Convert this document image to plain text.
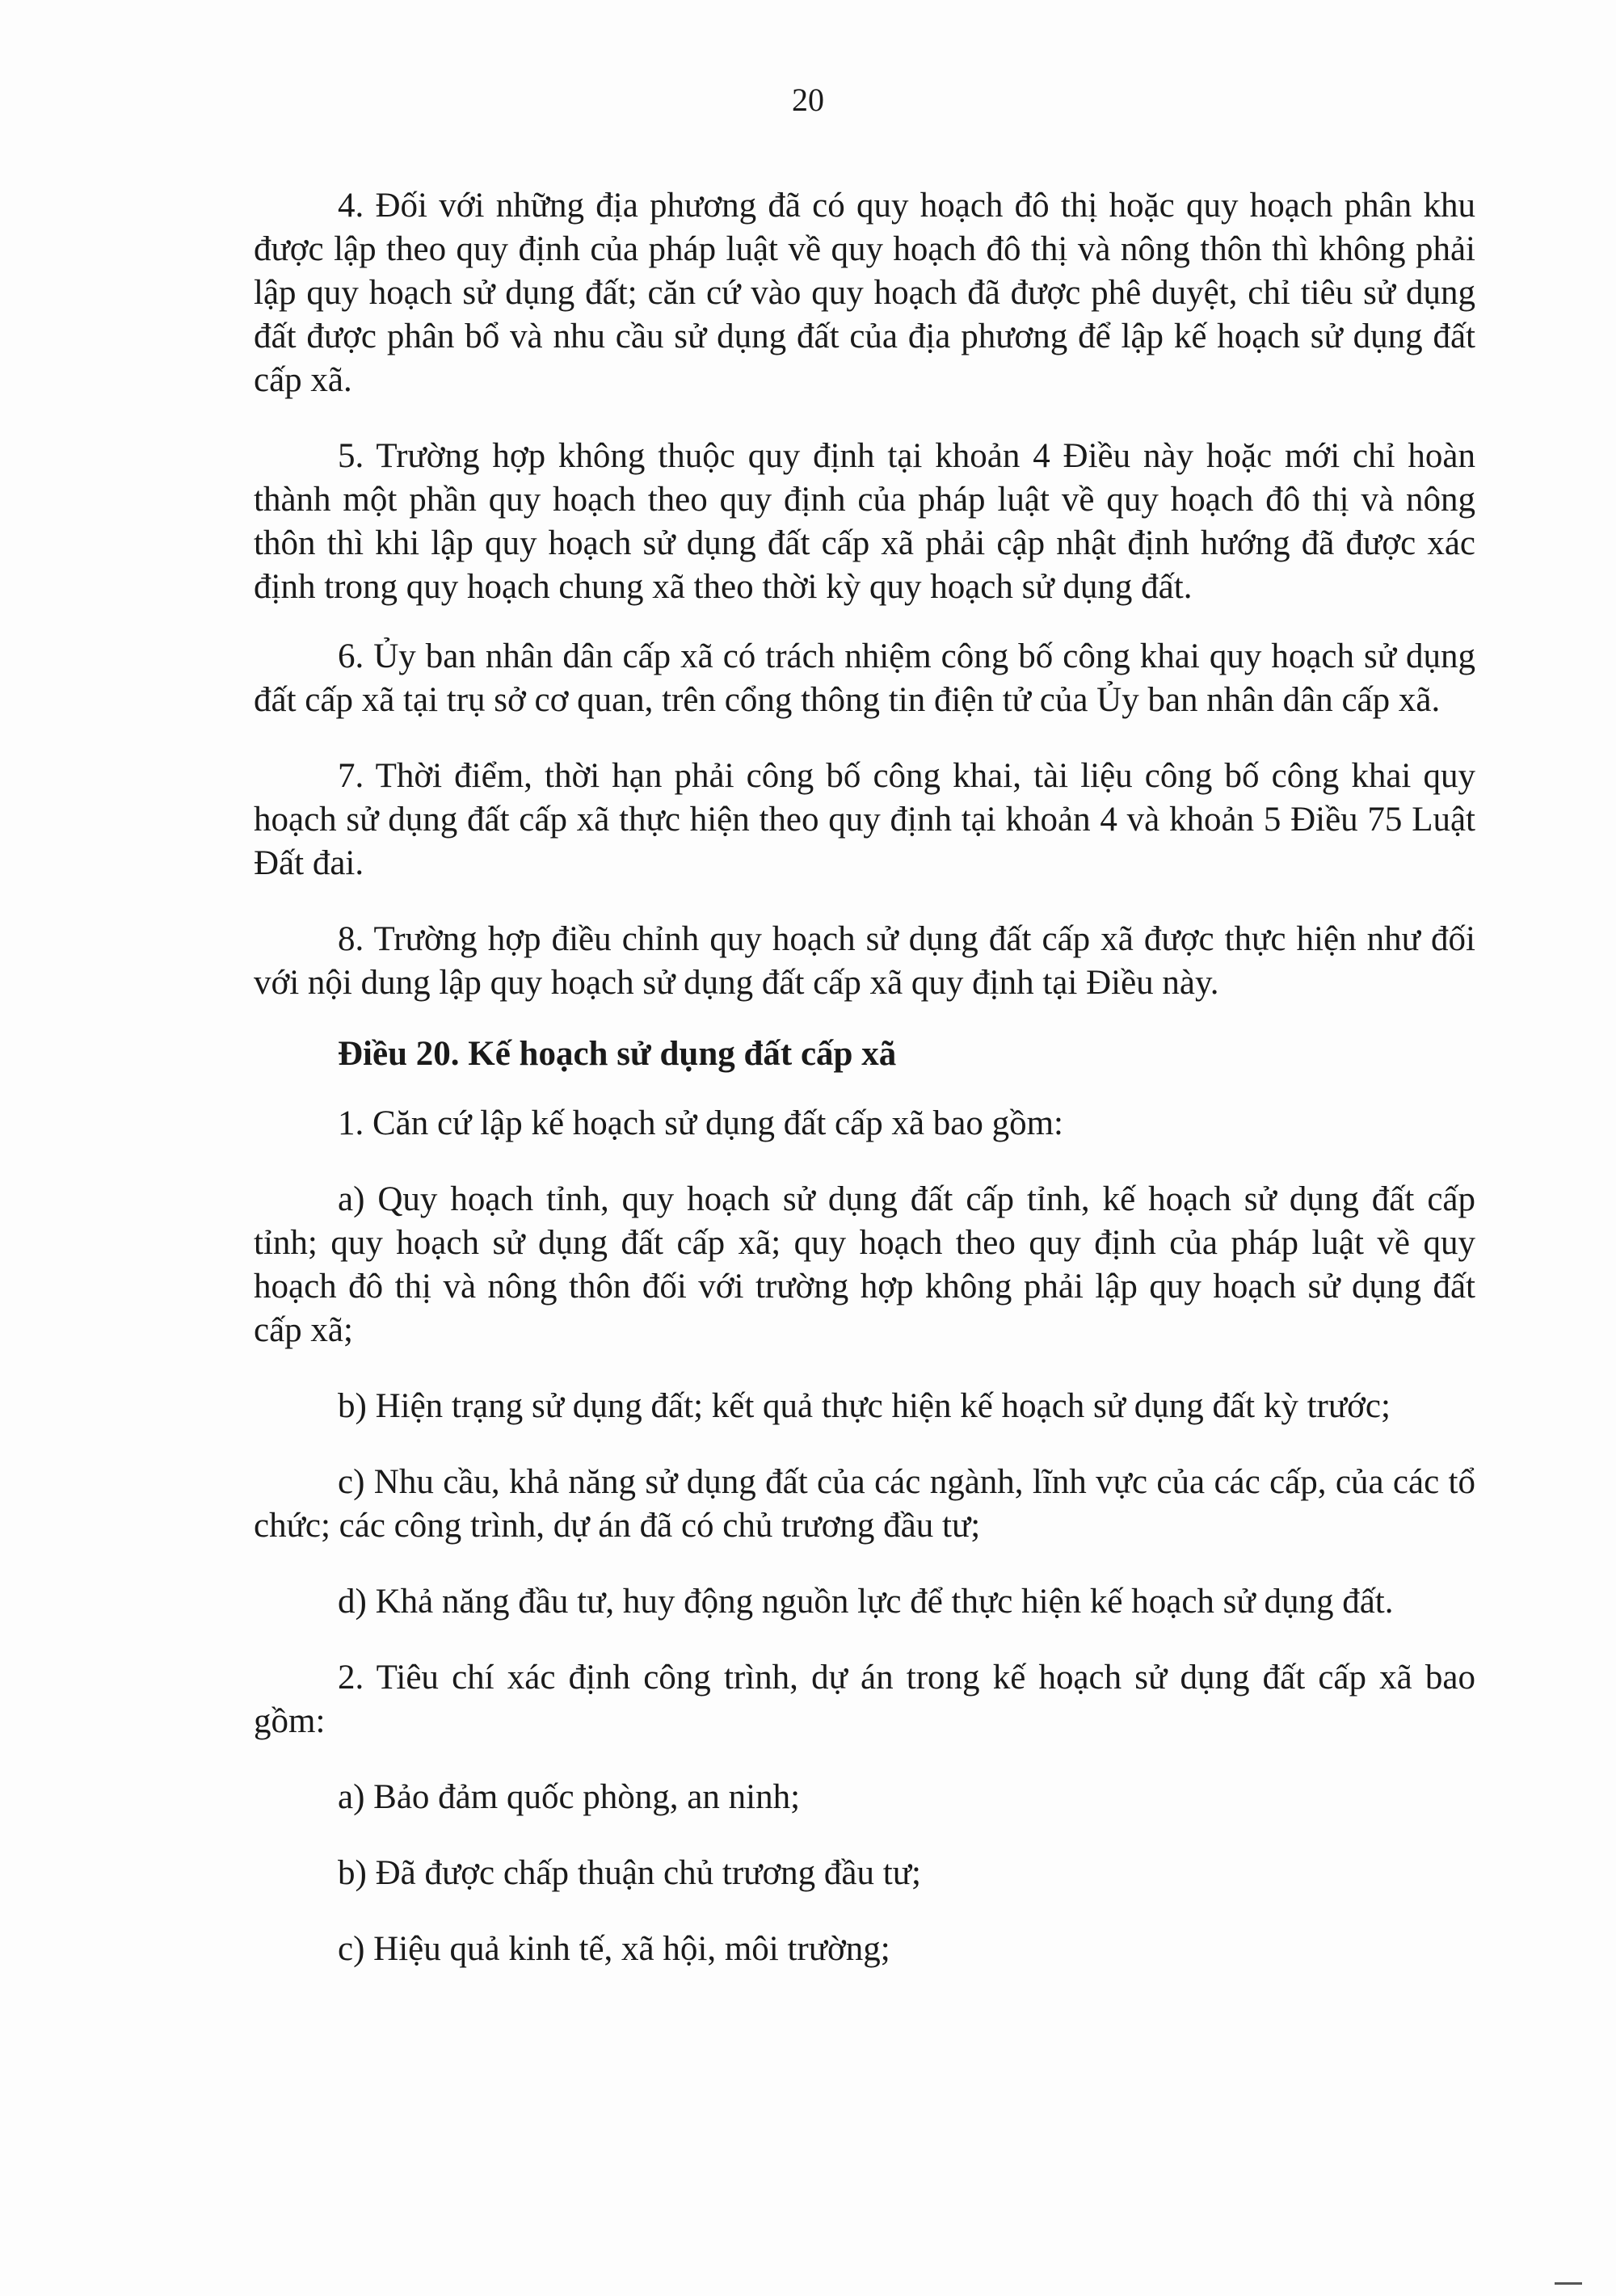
20

4. Đối với những địa phương đã có quy hoạch đô thị hoặc quy hoạch phân khu được lập theo quy định của pháp luật về quy hoạch đô thị và nông thôn thì không phải lập quy hoạch sử dụng đất; căn cứ vào quy hoạch đã được phê duyệt, chỉ tiêu sử dụng đất được phân bổ và nhu cầu sử dụng đất của địa phương để lập kế hoạch sử dụng đất cấp xã.

5. Trường hợp không thuộc quy định tại khoản 4 Điều này hoặc mới chỉ hoàn thành một phần quy hoạch theo quy định của pháp luật về quy hoạch đô thị và nông thôn thì khi lập quy hoạch sử dụng đất cấp xã phải cập nhật định hướng đã được xác định trong quy hoạch chung xã theo thời kỳ quy hoạch sử dụng đất.

6. Ủy ban nhân dân cấp xã có trách nhiệm công bố công khai quy hoạch sử dụng đất cấp xã tại trụ sở cơ quan, trên cổng thông tin điện tử của Ủy ban nhân dân cấp xã.

7. Thời điểm, thời hạn phải công bố công khai, tài liệu công bố công khai quy hoạch sử dụng đất cấp xã thực hiện theo quy định tại khoản 4 và khoản 5 Điều 75 Luật Đất đai.

8. Trường hợp điều chỉnh quy hoạch sử dụng đất cấp xã được thực hiện như đối với nội dung lập quy hoạch sử dụng đất cấp xã quy định tại Điều này.

Điều 20. Kế hoạch sử dụng đất cấp xã

1. Căn cứ lập kế hoạch sử dụng đất cấp xã bao gồm:

a) Quy hoạch tỉnh, quy hoạch sử dụng đất cấp tỉnh, kế hoạch sử dụng đất cấp tỉnh; quy hoạch sử dụng đất cấp xã; quy hoạch theo quy định của pháp luật về quy hoạch đô thị và nông thôn đối với trường hợp không phải lập quy hoạch sử dụng đất cấp xã;

b) Hiện trạng sử dụng đất; kết quả thực hiện kế hoạch sử dụng đất kỳ trước;

c) Nhu cầu, khả năng sử dụng đất của các ngành, lĩnh vực của các cấp, của các tổ chức; các công trình, dự án đã có chủ trương đầu tư;

d) Khả năng đầu tư, huy động nguồn lực để thực hiện kế hoạch sử dụng đất.

2. Tiêu chí xác định công trình, dự án trong kế hoạch sử dụng đất cấp xã bao gồm:

a) Bảo đảm quốc phòng, an ninh;

b) Đã được chấp thuận chủ trương đầu tư;

c) Hiệu quả kinh tế, xã hội, môi trường;
